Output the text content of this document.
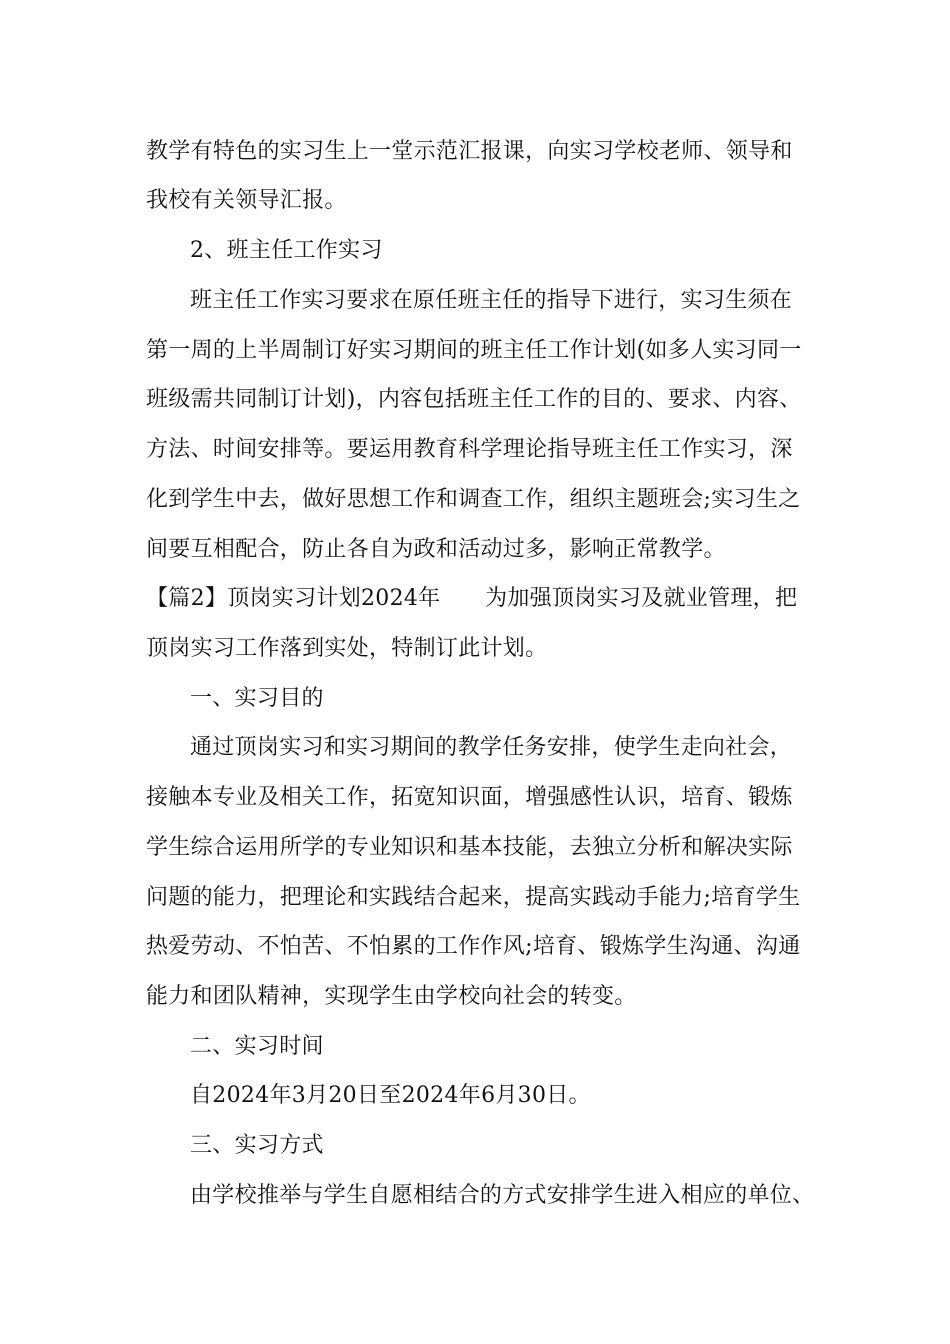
教学有特色的实习生上一堂示范汇报课，向实习学校老师、领导和
我校有关领导汇报。
2、班主任工作实习
班主任工作实习要求在原任班主任的指导下进行，实习生须在
第一周的上半周制订好实习期间的班主任工作计划(如多人实习同一
班级需共同制订计划)，内容包括班主任工作的目的、要求、内容、
方法、时间安排等。要运用教育科学理论指导班主任工作实习，深
化到学生中去，做好思想工作和调查工作，组织主题班会;实习生之
间要互相配合，防止各自为政和活动过多，影响正常教学。
【篇2】顶岗实习计划2024年　　为加强顶岗实习及就业管理，把
顶岗实习工作落到实处，特制订此计划。
一、实习目的
通过顶岗实习和实习期间的教学任务安排，使学生走向社会，
接触本专业及相关工作，拓宽知识面，增强感性认识，培育、锻炼
学生综合运用所学的专业知识和基本技能，去独立分析和解决实际
问题的能力，把理论和实践结合起来，提高实践动手能力;培育学生
热爱劳动、不怕苦、不怕累的工作作风;培育、锻炼学生沟通、沟通
能力和团队精神，实现学生由学校向社会的转变。
二、实习时间
自2024年3月20日至2024年6月30日。
三、实习方式
由学校推举与学生自愿相结合的方式安排学生进入相应的单位、
